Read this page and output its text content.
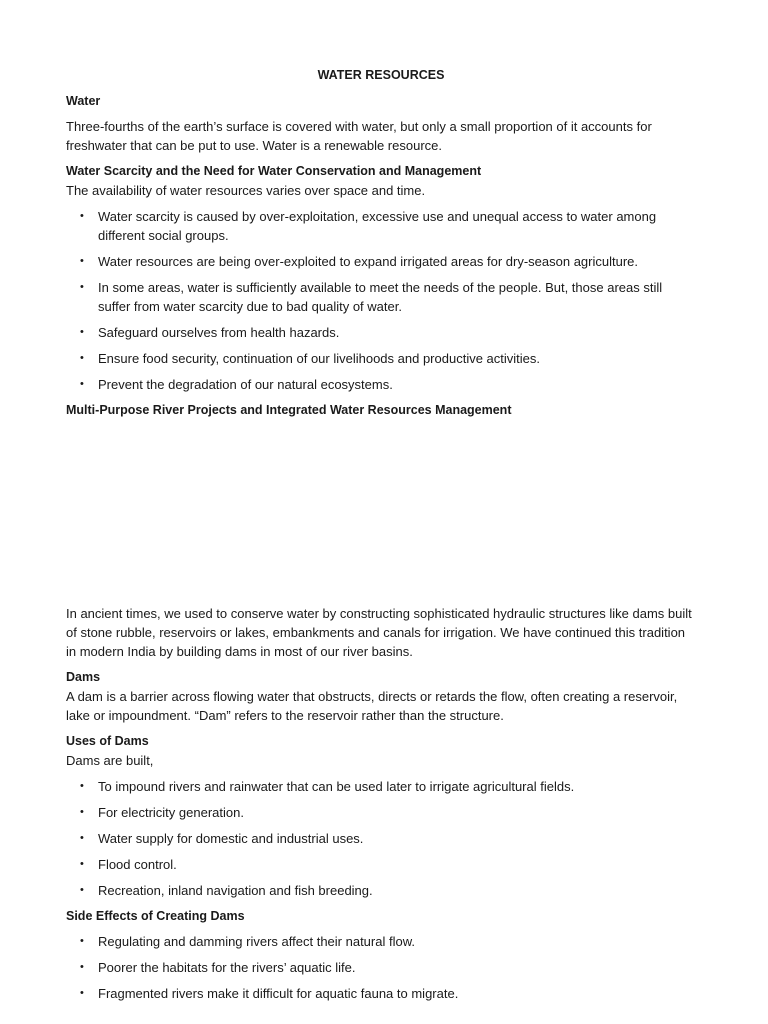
WATER RESOURCES
Water

Three-fourths of the earth’s surface is covered with water, but only a small proportion of it accounts for freshwater that can be put to use. Water is a renewable resource.

Water Scarcity and the Need for Water Conservation and Management

The availability of water resources varies over space and time.

• Water scarcity is caused by over-exploitation, excessive use and unequal access to water among different social groups.
• Water resources are being over-exploited to expand irrigated areas for dry-season agriculture.
• In some areas, water is sufficiently available to meet the needs of the people. But, those areas still suffer from water scarcity due to bad quality of water.
• Safeguard ourselves from health hazards.
• Ensure food security, continuation of our livelihoods and productive activities.
• Prevent the degradation of our natural ecosystems.
Multi-Purpose River Projects and Integrated Water Resources Management

In ancient times, we used to conserve water by constructing sophisticated hydraulic structures like dams built of stone rubble, reservoirs or lakes, embankments and canals for irrigation. We have continued this tradition in modern India by building dams in most of our river basins.

Dams

A dam is a barrier across flowing water that obstructs, directs or retards the flow, often creating a reservoir, lake or impoundment. “Dam” refers to the reservoir rather than the structure.

Uses of Dams

Dams are built,

• To impound rivers and rainwater that can be used later to irrigate agricultural fields.
• For electricity generation.
• Water supply for domestic and industrial uses.
• Flood control.
• Recreation, inland navigation and fish breeding.
Side Effects of Creating Dams
• Regulating and damming rivers affect their natural flow.
• Poorer the habitats for the rivers’ aquatic life.
• Fragmented rivers make it difficult for aquatic fauna to migrate.
